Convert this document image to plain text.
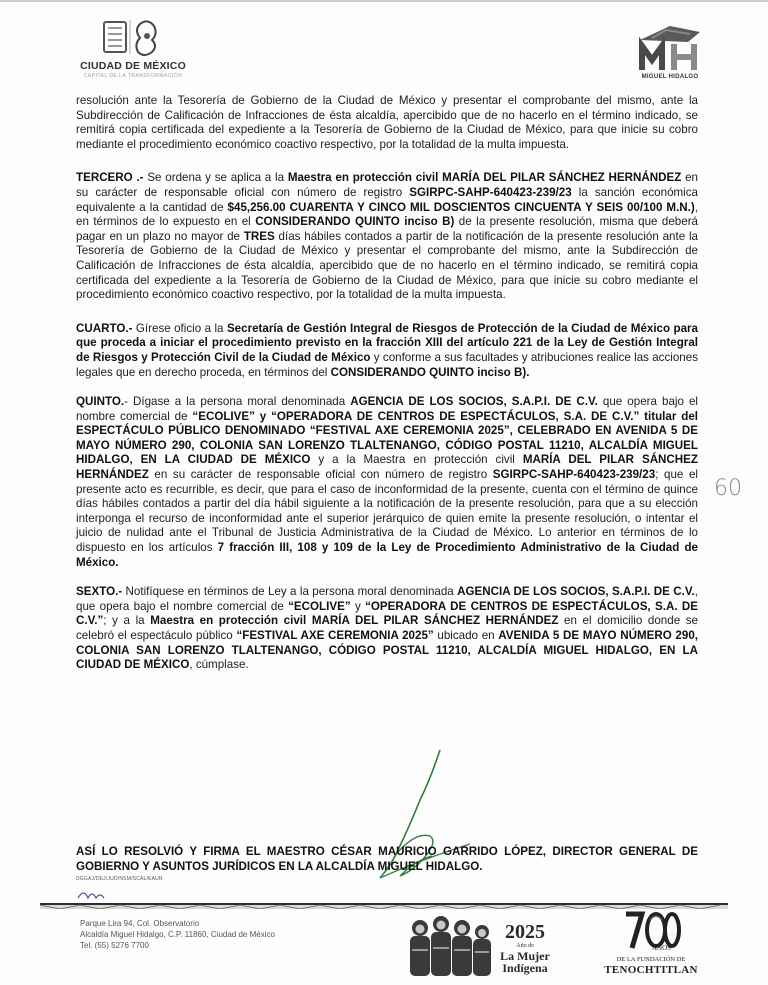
CIUDAD DE MÉXICO
CAPITAL DE LA TRANSFORMACIÓN	MIGUEL HIDALGO

resolución ante la Tesorería de Gobierno de la Ciudad de México y presentar el comprobante del mismo, ante la Subdirección de Calificación de Infracciones de ésta alcaldía, apercibido que de no hacerlo en el término indicado, se remitirá copia certificada del expediente a la Tesorería de Gobierno de la Ciudad de México, para que inicie su cobro mediante el procedimiento económico coactivo respectivo, por la totalidad de la multa impuesta.

TERCERO .- Se ordena y se aplica a la Maestra en protección civil MARÍA DEL PILAR SÁNCHEZ HERNÁNDEZ en su carácter de responsable oficial con número de registro SGIRPC-SAHP-640423-239/23 la sanción económica equivalente a la cantidad de $45,256.00 CUARENTA Y CINCO MIL DOSCIENTOS CINCUENTA Y SEIS 00/100 M.N.), en términos de lo expuesto en el CONSIDERANDO QUINTO inciso B) de la presente resolución, misma que deberá pagar en un plazo no mayor de TRES días hábiles contados a partir de la notificación de la presente resolución ante la Tesorería de Gobierno de la Ciudad de México y presentar el comprobante del mismo, ante la Subdirección de Calificación de Infracciones de ésta alcaldía, apercibido que de no hacerlo en el término indicado, se remitirá copia certificada del expediente a la Tesorería de Gobierno de la Ciudad de México, para que inicie su cobro mediante el procedimiento económico coactivo respectivo, por la totalidad de la multa impuesta.

CUARTO.- Gírese oficio a la Secretaría de Gestión Integral de Riesgos de Protección de la Ciudad de México para que proceda a iniciar el procedimiento previsto en la fracción XIII del artículo 221 de la Ley de Gestión Integral de Riesgos y Protección Civil de la Ciudad de México y conforme a sus facultades y atribuciones realice las acciones legales que en derecho proceda, en términos del CONSIDERANDO QUINTO inciso B).

QUINTO.- Dígase a la persona moral denominada AGENCIA DE LOS SOCIOS, S.A.P.I. DE C.V. que opera bajo el nombre comercial de “ECOLIVE” y “OPERADORA DE CENTROS DE ESPECTÁCULOS, S.A. DE C.V.” titular del ESPECTÁCULO PÚBLICO DENOMINADO “FESTIVAL AXE CEREMONIA 2025”, CELEBRADO EN AVENIDA 5 DE MAYO NÚMERO 290, COLONIA SAN LORENZO TLALTENANGO, CÓDIGO POSTAL 11210, ALCALDÍA MIGUEL HIDALGO, EN LA CIUDAD DE MÉXICO y a la Maestra en protección civil MARÍA DEL PILAR SÁNCHEZ HERNÁNDEZ en su carácter de responsable oficial con número de registro SGIRPC-SAHP-640423-239/23; que el presente acto es recurrible, es decir, que para el caso de inconformidad de la presente, cuenta con el término de quince días hábiles contados a partir del día hábil siguiente a la notificación de la presente resolución, para que a su elección interponga el recurso de inconformidad ante el superior jerárquico de quien emite la presente resolución, o intentar el juicio de nulidad ante el Tribunal de Justicia Administrativa de la Ciudad de México. Lo anterior en términos de lo dispuesto en los artículos 7 fracción III, 108 y 109 de la Ley de Procedimiento Administrativo de la Ciudad de México.

SEXTO.- Notifíquese en términos de Ley a la persona moral denominada AGENCIA DE LOS SOCIOS, S.A.P.I. DE C.V., que opera bajo el nombre comercial de “ECOLIVE” y “OPERADORA DE CENTROS DE ESPECTÁCULOS, S.A. DE C.V.”; y a la Maestra en protección civil MARÍA DEL PILAR SÁNCHEZ HERNÁNDEZ en el domicilio donde se celebró el espectáculo público “FESTIVAL AXE CEREMONIA 2025” ubicado en AVENIDA 5 DE MAYO NÚMERO 290, COLONIA SAN LORENZO TLALTENANGO, CÓDIGO POSTAL 11210, ALCALDÍA MIGUEL HIDALGO, EN LA CIUDAD DE MÉXICO, cúmplase.

60
ASÍ LO RESOLVIÓ Y FIRMA EL MAESTRO CÉSAR MAURICIO GARRIDO LÓPEZ, DIRECTOR GENERAL DE GOBIERNO Y ASUNTOS JURÍDICOS EN LA ALCALDÍA MIGUEL HIDALGO.
DGGAJ/DEJ/JUD/NSM/SCAL/EAUR
Parque Lira 94, Col. Observatorio
Alcaldía Miguel Hidalgo, C.P. 11860, Ciudad de México
Tel. (55) 5276 7700
2025
Año de
La Mujer
Indígena
AÑOS
DE LA FUNDACIÓN DE
TENOCHTITLAN
